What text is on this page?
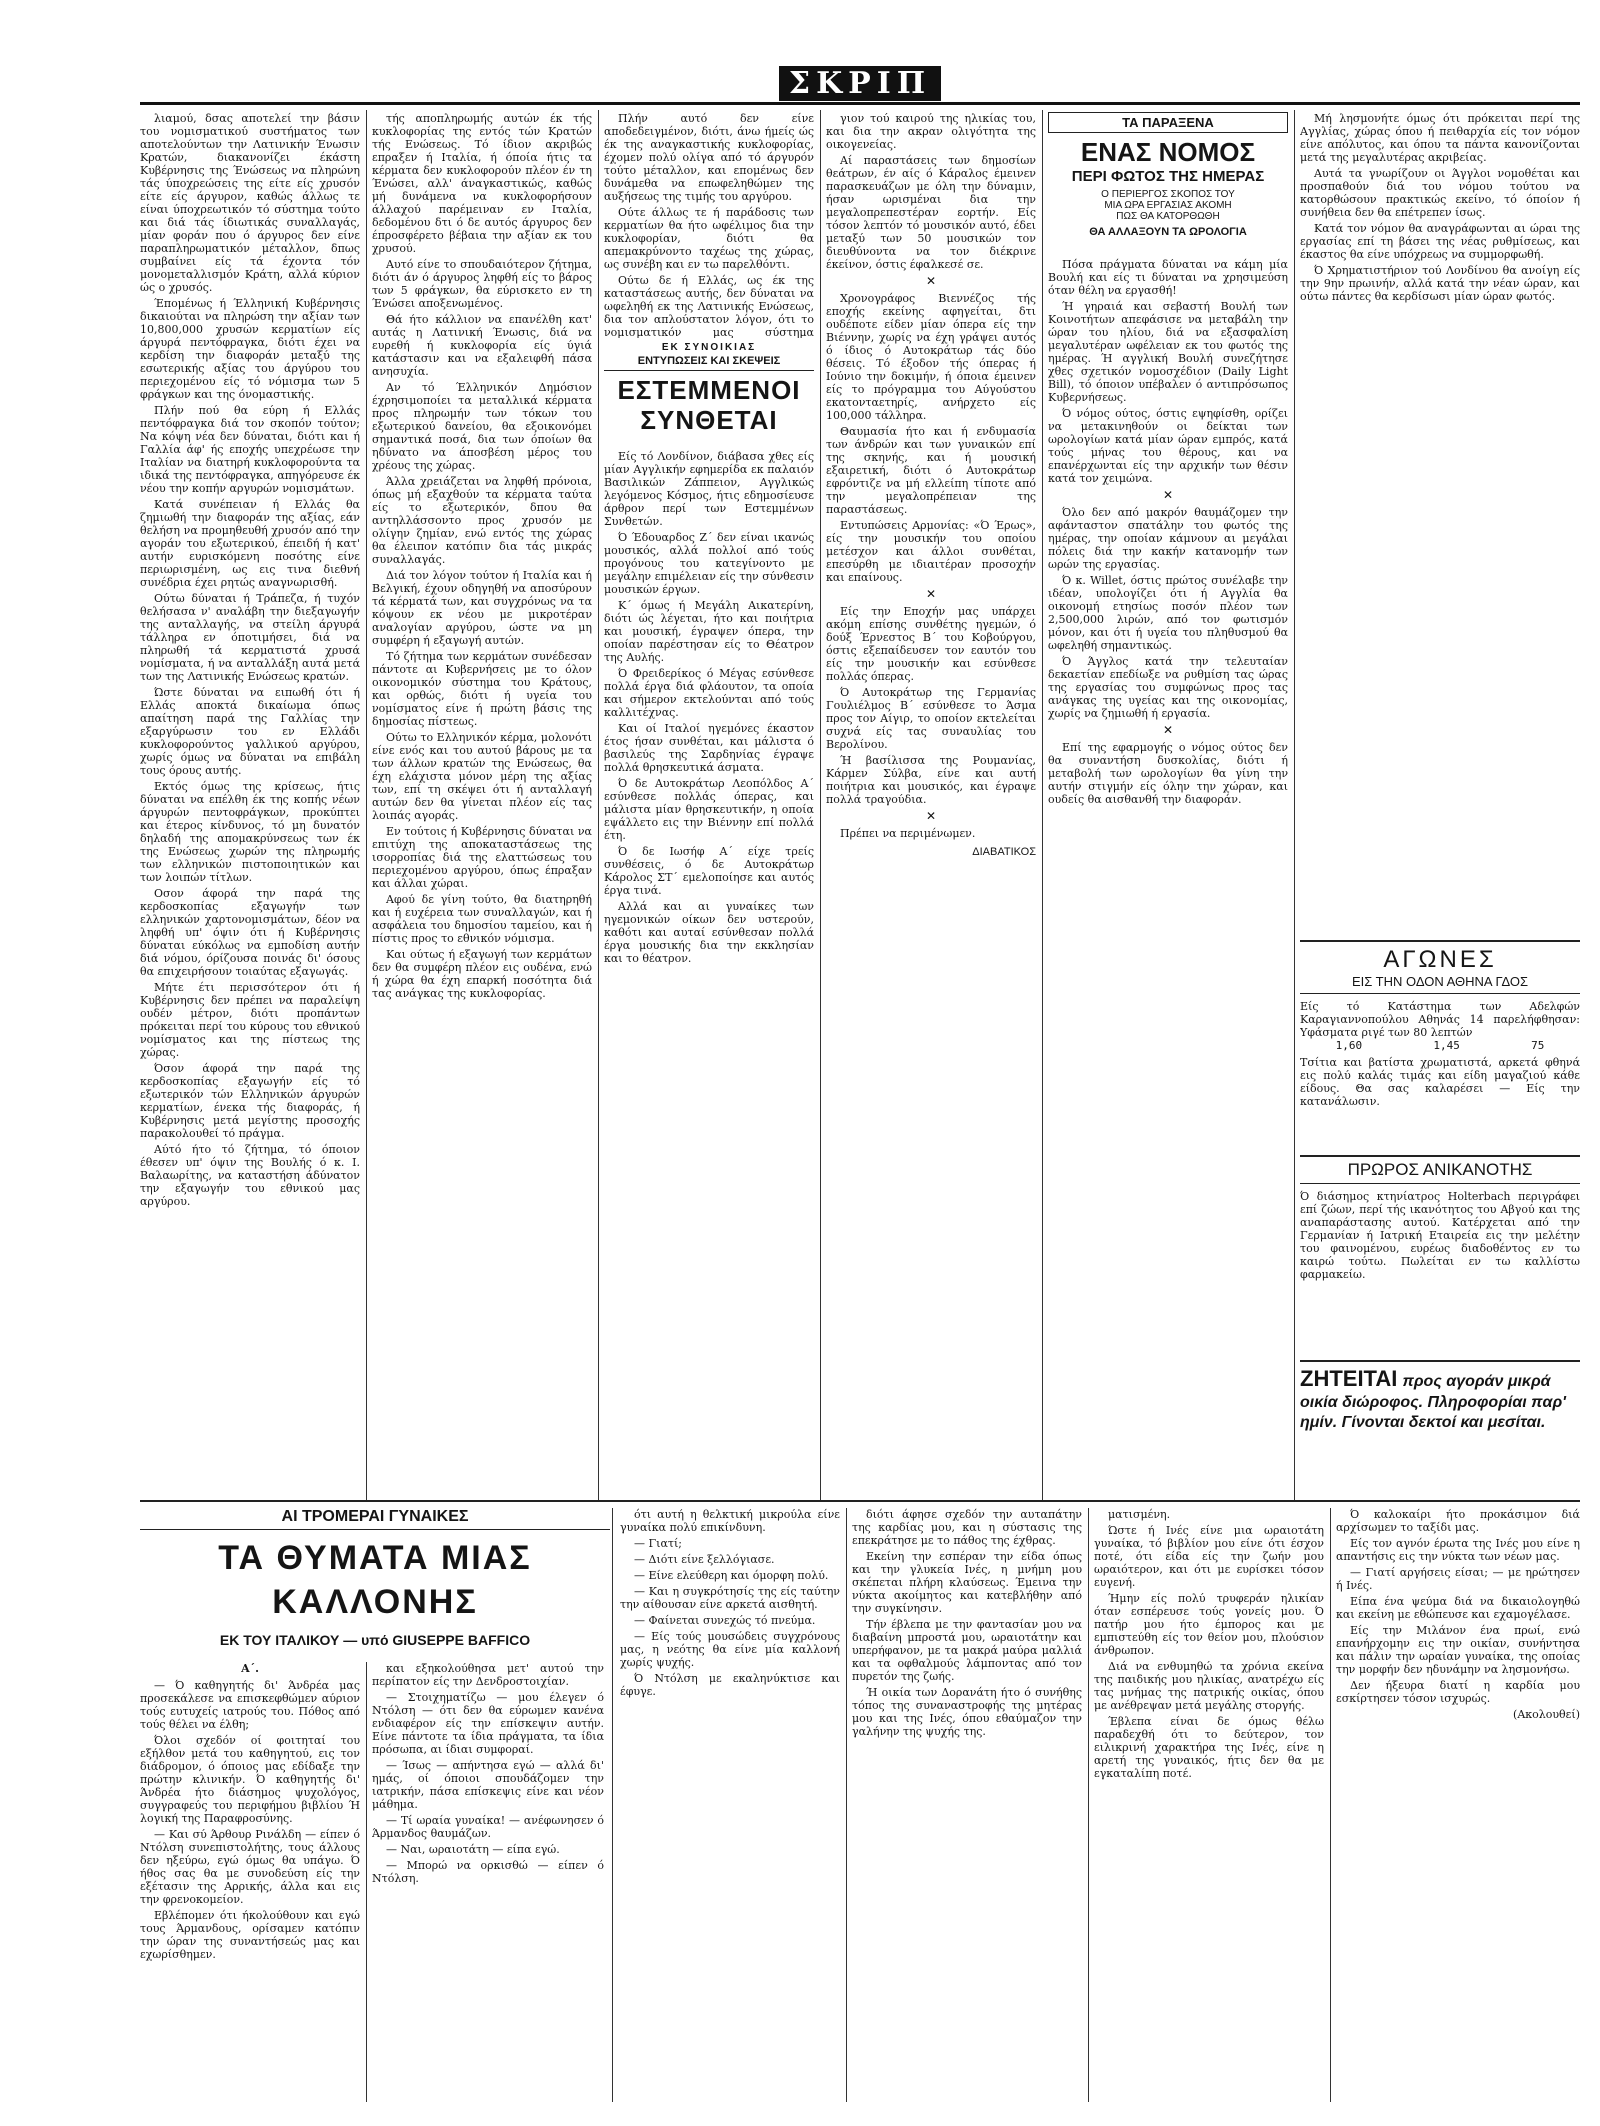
ΣΚΡΙΠ

λιαμού, δσας αποτελεί την βάσιν του νομισματικού συστήματος των αποτελούντων την Λατινικήν Ένωσιν Κρατών, διακανονίζει έκάστη Κυβέρνησις της Ένώσεως να πληρώνη τάς ύποχρεώσεις της είτε είς χρυσόν είτε είς άργυρον, καθώς άλλως τε είναι ύποχρεωτικόν τό σύστημα τούτο και διά τάς ίδιωτικάς συναλλαγάς, μίαν φοράν που ό άργυρος δεν είνε παραπληρωματικόν μέταλλον, δπως συμβαίνει είς τά έχοντα τόν μονομεταλλισμόν Κράτη, αλλά κύριον ώς ο χρυσός.

Έπομένως ή Έλληνική Κυβέρνησις δικαιούται να πληρώση την αξίαν των 10,800,000 χρυσών κερματίων είς άργυρά πεντόφραγκα, διότι έχει να κερδίση την διαφοράν μεταξύ της εσωτερικής αξίας του άργύρου του περιεχομένου είς τό νόμισμα των 5 φράγκων και της όνομαστικής.

Πλήν πού θα εύρη ή Ελλάς πεντόφραγκα διά τον σκοπόν τούτον; Να κόψη νέα δεν δύναται, διότι και ή Γαλλία άφ' ής εποχής υπεχρέωσε την Ιταλίαν να διατηρή κυκλοφορούντα τα ιδικά της πεντόφραγκα, απηγόρευσε έκ νέου την κοπήν αργυρών νομισμάτων.

Κατά συνέπειαν ή Ελλάς θα ζημιωθή την διαφοράν της αξίας, εάν θελήση να προμηθευθή χρυσόν από την αγοράν του εξωτερικού, έπειδή ή κατ' αυτήν ευρισκόμενη ποσότης είνε περιωρισμένη, ως εις τινα διεθνή συνέδρια έχει ρητώς αναγνωρισθή.

Ούτω δύναται ή Τράπεζα, ή τυχόν θελήσασα ν' αναλάβη την διεξαγωγήν της ανταλλαγής, να στείλη άργυρά τάλληρα εν όποτιμήσει, διά να πληρωθή τά κερματιστά χρυσά νομίσματα, ή να ανταλλάξη αυτά μετά των της Λατινικής Ενώσεως κρατών.

Ώστε δύναται να ειπωθή ότι ή Ελλάς αποκτά δικαίωμα όπως απαίτηση παρά της Γαλλίας την εξαργύρωσιν του εν Ελλάδι κυκλοφορούντος γαλλικού αργύρου, χωρίς όμως να δύναται να επιβάλη τους όρους αυτής.

Εκτός όμως της κρίσεως, ήτις δύναται να επέλθη έκ της κοπής νέων άργυρών πεντοφράγκων, προκύπτει και έτερος κίνδυνος, τό μη δυνατόν δηλαδή της απομακρύνσεως των έκ της Ενώσεως χωρών της πληρωμής των ελληνικών πιστοποιητικών και των λοιπών τίτλων.

Οσον άφορά την παρά της κερδοσκοπίας εξαγωγήν των ελληνικών χαρτονομισμάτων, δέον να ληφθή υπ' όψιν ότι ή Κυβέρνησις δύναται εύκόλως να εμποδίση αυτήν διά νόμου, όρίζουσα ποινάς δι' όσους θα επιχειρήσουν τοιαύτας εξαγωγάς.

Μήτε έτι περισσότερον ότι ή Κυβέρνησις δεν πρέπει να παραλείψη ουδέν μέτρον, διότι προπάντων πρόκειται περί του κύρους του εθνικού νομίσματος και της πίστεως της χώρας.

Όσον άφορά την παρά της κερδοσκοπίας εξαγωγήν είς τό εξωτερικόν τών Ελληνικών άργυρών κερματίων, ένεκα τής διαφοράς, ή Κυβέρνησις μετά μεγίστης προσοχής παρακολουθεί τό πράγμα.

Αύτό ήτο τό ζήτημα, τό όποιον έθεσεν υπ' όψιν της Βουλής ό κ. Ι. Βαλαωρίτης, να καταστήση άδύνατον την εξαγωγήν του εθνικού μας αργύρου.

τής αποπληρωμής αυτών έκ τής κυκλοφορίας της εντός τών Κρατών τής Ενώσεως. Τό ίδιον ακριβώς επραξεν ή Ιταλία, ή όποία ήτις τα κέρματα δεν κυκλοφορούν πλέον έν τη Ένώσει, αλλ' άναγκαστικώς, καθώς μή δυνάμενα να κυκλοφορήσουν άλλαχού παρέμειναν εν Ιταλία, δεδομένου δτι ό δε αυτός άργυρος δεν έπροσφέρετο βέβαια την αξίαν εκ του χρυσού.

Αυτό είνε το σπουδαιότερον ζήτημα, διότι άν ό άργυρος ληφθή είς το βάρος των 5 φράγκων, θα εύρισκετο εν τη Ένώσει αποξενωμένος.

Θά ήτο κάλλιον να επανέλθη κατ' αυτάς η Λατινική Ένωσις, διά να ευρεθή ή κυκλοφορία είς ύγιά κατάστασιν και να εξαλειφθή πάσα ανησυχία.

Αν τό Έλληνικόν Δημόσιον έχρησιμοποίει τα μεταλλικά κέρματα προς πληρωμήν των τόκων του εξωτερικού δανείου, θα εξοικονόμει σημαντικά ποσά, δια των όποίων θα ηδύνατο να άποσβέση μέρος του χρέους της χώρας.

Άλλα χρειάζεται να ληφθή πρόνοια, όπως μή εξαχθούν τα κέρματα ταύτα είς το εξωτερικόν, δπου θα αντηλλάσσοντο προς χρυσόν με ολίγην ζημίαν, ενώ εντός της χώρας θα έλειπον κατόπιν δια τάς μικράς συναλλαγάς.

Διά τον λόγον τούτον ή Ιταλία και ή Βελγική, έχουν οδηγηθή να αποσύρουν τά κέρματά των, και συγχρόνως να τα κόψουν εκ νέου με μικροτέραν αναλογίαν αργύρου, ώστε να μη συμφέρη ή εξαγωγή αυτών.

Τό ζήτημα των κερμάτων συνέδεσαν πάντοτε αι Κυβερνήσεις με το όλον οικονομικόν σύστημα του Κράτους, και ορθώς, διότι ή υγεία του νομίσματος είνε ή πρώτη βάσις της δημοσίας πίστεως.

Ούτω το Ελληνικόν κέρμα, μολονότι είνε ενός και του αυτού βάρους με τα των άλλων κρατών της Ενώσεως, θα έχη ελάχιστα μόνον μέρη της αξίας των, επί τη σκέψει ότι ή ανταλλαγή αυτών δεν θα γίνεται πλέον είς τας λοιπάς αγοράς.

Εν τούτοις ή Κυβέρνησις δύναται να επιτύχη της αποκαταστάσεως της ισορροπίας διά της ελαττώσεως του περιεχομένου αργύρου, όπως έπραξαν και άλλαι χώραι.

Αφού δε γίνη τούτο, θα διατηρηθή και ή ευχέρεια των συναλλαγών, και ή ασφάλεια του δημοσίου ταμείου, και ή πίστις προς το εθνικόν νόμισμα.

Και ούτως ή εξαγωγή των κερμάτων δεν θα συμφέρη πλέον εις ουδένα, ενώ ή χώρα θα έχη επαρκή ποσότητα διά τας ανάγκας της κυκλοφορίας.

Πλήν αυτό δεν είνε αποδεδειγμένον, διότι, άνω ήμείς ώς έκ της αναγκαστικής κυκλοφορίας, έχομεν πολύ ολίγα από τό άργυρόν τούτο μέταλλον, και επομένως δεν δυνάμεθα να επωφεληθώμεν της αυξήσεως της τιμής του αργύρου.

Ούτε άλλως τε ή παράδοσις των κερματίων θα ήτο ωφέλιμος δια την κυκλοφορίαν, διότι θα απεμακρύνοντο ταχέως της χώρας, ως συνέβη και εν τω παρελθόντι.

Ούτω δε ή Ελλάς, ως έκ της καταστάσεως αυτής, δεν δύναται να ωφεληθή εκ της Λατινικής Ενώσεως, δια τον απλούστατον λόγον, ότι το νομισματικόν μας σύστημα

ΕΚ ΣΥΝΟΙΚΙΑΣ
ΕΝΤΥΠΩΣΕΙΣ ΚΑΙ ΣΚΕΨΕΙΣ
ΕΣΤΕΜΜΕΝΟΙ ΣΥΝΘΕΤΑΙ

Είς τό Λονδίνον, διάβασα χθες είς μίαν Αγγλικήν εφημερίδα εκ παλαιόν Βασιλικών Ζάππειον, Αγγλικώς λεγόμενος Κόσμος, ήτις εδημοσίευσε άρθρον περί των Εστεμμένων Συνθετών.

Ό Έδουαρδος Ζ΄ δεν είναι ικανώς μουσικός, αλλά πολλοί από τούς προγόνους του κατεγίνοντο με μεγάλην επιμέλειαν είς την σύνθεσιν μουσικών έργων.

Κ΄ όμως ή Μεγάλη Αικατερίνη, διότι ώς λέγεται, ήτο και ποιήτρια και μουσική, έγραψεν όπερα, την οποίαν παρέστησαν είς το Θέατρον της Αυλής.

Ό Φρειδερίκος ό Μέγας εσύνθεσε πολλά έργα διά φλάουτον, τα οποία και σήμερον εκτελούνται από τούς καλλιτέχνας.

Και οί Ιταλοί ηγεμόνες έκαστον έτος ήσαν συνθέται, και μάλιστα ό βασιλεύς της Σαρδηνίας έγραψε πολλά θρησκευτικά άσματα.

Ό δε Αυτοκράτωρ Λεοπόλδος Α΄ εσύνθεσε πολλάς όπερας, και μάλιστα μίαν θρησκευτικήν, η οποία εψάλλετο εις την Βιέννην επί πολλά έτη.

Ό δε Ιωσήφ Α΄ είχε τρείς συνθέσεις, ό δε Αυτοκράτωρ Κάρολος ΣΤ΄ εμελοποίησε και αυτός έργα τινά.

Αλλά και αι γυναίκες των ηγεμονικών οίκων δεν υστερούν, καθότι και αυταί εσύνθεσαν πολλά έργα μουσικής δια την εκκλησίαν και το θέατρον.

γιον τού καιρού της ηλικίας του, και δια την ακραν ολιγότητα της οικογενείας.

Αί παραστάσεις των δημοσίων θεάτρων, έν αίς ό Κάραλος έμεινεν παρασκευάζων με όλη την δύναμιν, ήσαν ωρισμέναι δια την μεγαλοπρεπεστέραν εορτήν. Είς τόσον λεπτόν τό μουσικόν αυτό, έδει μεταξύ των 50 μουσικών τον διευθύνοντα να τον διέκρινε έκείνον, όστις έφαλκεσέ σε.

✕

Χρονογράφος Βιεννέζος τής εποχής εκείνης αφηγείται, δτι ουδέποτε είδεν μίαν όπερα είς την Βιέννην, χωρίς να έχη γράψει αυτός ό ίδιος ό Αυτοκράτωρ τάς δύο θέσεις. Τό έξοδον τής όπερας ή Ιούνιο την δοκιμήν, ή όποια έμεινεν είς το πρόγραμμα του Αύγούστου εκατονταετηρίς, ανήρχετο είς 100,000 τάλληρα.

Θαυμασία ήτο και ή ενδυμασία των άνδρών και των γυναικών επί της σκηνής, και ή μουσική εξαιρετική, διότι ό Αυτοκράτωρ εφρόντιζε να μή ελλείπη τίποτε από την μεγαλοπρέπειαν της παραστάσεως.

Εντυπώσεις Αρμονίας: «Ό Έρως», είς την μουσικήν του οποίου μετέσχον και άλλοι συνθέται, επεσύρθη με ιδιαιτέραν προσοχήν και επαίνους.

✕

Είς την Εποχήν μας υπάρχει ακόμη επίσης συνθέτης ηγεμών, ό δούξ Έρνεστος Β΄ του Κοβούργου, όστις εξεπαίδευσεν τον εαυτόν του είς την μουσικήν και εσύνθεσε πολλάς όπερας.

Ό Αυτοκράτωρ της Γερμανίας Γουλιέλμος Β΄ εσύνθεσε το Άσμα προς τον Αίγιρ, το οποίον εκτελείται συχνά είς τας συναυλίας του Βερολίνου.

Ή βασίλισσα της Ρουμανίας, Κάρμεν Σύλβα, είνε και αυτή ποιήτρια και μουσικός, και έγραψε πολλά τραγούδια.

✕

Πρέπει να περιμένωμεν.

ΔΙΑΒΑΤΙΚΟΣ
ΤΑ ΠΑΡΑΞΕΝΑ
ΕΝΑΣ ΝΟΜΟΣ
ΠΕΡΙ ΦΩΤΟΣ ΤΗΣ ΗΜΕΡΑΣ
Ο ΠΕΡΙΕΡΓΟΣ ΣΚΟΠΟΣ ΤΟΥ
ΜΙΑ ΩΡΑ ΕΡΓΑΣΙΑΣ ΑΚΟΜΗ
ΠΩΣ ΘΑ ΚΑΤΟΡΘΩΘΗ
ΘΑ ΑΛΛΑΞΟΥΝ ΤΑ ΩΡΟΛΟΓΙΑ

Πόσα πράγματα δύναται να κάμη μία Βουλή και είς τι δύναται να χρησιμεύση όταν θέλη να εργασθή!

Ή γηραιά και σεβαστή Βουλή των Κοινοτήτων απεφάσισε να μεταβάλη την ώραν του ηλίου, διά να εξασφαλίση μεγαλυτέραν ωφέλειαν εκ του φωτός της ημέρας. Ή αγγλική Βουλή συνεζήτησε χθες σχετικόν νομοσχέδιον (Daily Light Bill), τό όποιον υπέβαλεν ό αντιπρόσωπος Κυβερνήσεως.

Ό νόμος ούτος, όστις εψηφίσθη, ορίζει να μετακινηθούν οι δείκται των ωρολογίων κατά μίαν ώραν εμπρός, κατά τούς μήνας του θέρους, και να επανέρχωνται είς την αρχικήν των θέσιν κατά τον χειμώνα.

✕

Όλο δεν από μακρόν θαυμάζομεν την αφάνταστον σπατάλην του φωτός της ημέρας, την οποίαν κάμνουν αι μεγάλαι πόλεις διά την κακήν κατανομήν των ωρών της εργασίας.

Ό κ. Willet, όστις πρώτος συνέλαβε την ιδέαν, υπολογίζει ότι ή Αγγλία θα οικονομή ετησίως ποσόν πλέον των 2,500,000 λιρών, από τον φωτισμόν μόνον, και ότι ή υγεία του πληθυσμού θα ωφεληθή σημαντικώς.

Ό Άγγλος κατά την τελευταίαν δεκαετίαν επεδίωξε να ρυθμίση τας ώρας της εργασίας του συμφώνως προς τας ανάγκας της υγείας και της οικονομίας, χωρίς να ζημιωθή ή εργασία.

✕

Επί της εφαρμογής ο νόμος ούτος δεν θα συναντήση δυσκολίας, διότι ή μεταβολή των ωρολογίων θα γίνη την αυτήν στιγμήν είς όλην την χώραν, και ουδείς θα αισθανθή την διαφοράν.

Μή λησμονήτε όμως ότι πρόκειται περί της Αγγλίας, χώρας όπου ή πειθαρχία είς τον νόμον είνε απόλυτος, και όπου τα πάντα κανονίζονται μετά της μεγαλυτέρας ακριβείας.

Αυτά τα γνωρίζουν οι Άγγλοι νομοθέται και προσπαθούν διά του νόμου τούτου να κατορθώσουν πρακτικώς εκείνο, τό όποίον ή συνήθεια δεν θα επέτρεπεν ίσως.

Κατά τον νόμον θα αναγράφωνται αι ώραι της εργασίας επί τη βάσει της νέας ρυθμίσεως, και έκαστος θα είνε υπόχρεως να συμμορφωθή.

Ό Χρηματιστήριον τού Λονδίνου θα ανοίγη είς την 9ην πρωινήν, αλλά κατά την νέαν ώραν, και ούτω πάντες θα κερδίσωσι μίαν ώραν φωτός.

ΑΓΩΝΕΣ
ΕΙΣ ΤΗΝ ΟΔΟΝ ΑΘΗΝΑ ΓΔΟΣ
Είς τό Κατάστημα των Αδελφών Καραγιαννοπούλου Αθηνάς 14 παρελήφθησαν: Υφάσματα ριγέ των 80 λεπτών
1,60	1,45	75
Τσίτια και βατίστα χρωματιστά, αρκετά φθηνά εις πολύ καλάς τιμάς και είδη μαγαζιού κάθε είδους. Θα σας καλαρέσει — Είς την κατανάλωσιν.
ΠΡΩΡΟΣ ΑΝΙΚΑΝΟΤΗΣ
Ό διάσημος κτηνίατρος Holterbach περιγράφει επί ζώων, περί τής ικανότητος του Αβγού και της αναπαράστασης αυτού. Κατέρχεται από την Γερμανίαν ή Ιατρική Εταιρεία εις την μελέτην του φαινομένου, ευρέως διαδοθέντος εν τω καιρώ τούτω. Πωλείται εν τω καλλίστω φαρμακείω.
ΖΗΤΕΙΤΑΙ προς αγοράν μικρά οικία διώροφος. Πληροφορίαι παρ' ημίν. Γίνονται δεκτοί και μεσίται.
ΑΙ ΤΡΟΜΕΡΑΙ ΓΥΝΑΙΚΕΣ
ΤΑ ΘΥΜΑΤΑ ΜΙΑΣ ΚΑΛΛΟΝΗΣ
ΕΚ ΤΟΥ ΙΤΑΛΙΚΟΥ — υπό GIUSEPPE BAFFICO
Α΄.

— Ό καθηγητής δι' Άνδρέα μας προσεκάλεσε να επισκεφθώμεν αύριον τούς ευτυχείς ιατρούς του. Πόθος από τούς θέλει να έλθη;

Όλοι σχεδόν οί φοιτηταί του εξήλθον μετά του καθηγητού, εις τον διάδρομον, ό όποιος μας εδίδαξε την πρώτην κλινικήν. Ό καθηγητής δι' Άνδρέα ήτο διάσημος ψυχολόγος, συγγραφεύς του περιφήμου βιβλίου Ή λογική της Παραφροσύνης.

— Και σύ Άρθουρ Ρινάλδη — είπεν ό Ντόλση συνεπιστολήτης, τους άλλους δεν ηξεύρω, εγώ όμως θα υπάγω. Ό ήθος σας θα με συνοδεύση είς την εξέτασιν της Αρρικής, άλλα και εις την φρενοκομείον.

Εβλέπομεν ότι ήκολούθουν και εγώ τους Άρμανδους, ορίσαμεν κατόπιν την ώραν της συναντήσεώς μας και εχωρίσθημεν.

και εξηκολούθησα μετ' αυτού την περίπατον είς την Δενδροστοιχίαν.

— Στοιχηματίζω — μου έλεγεν ό Ντόλση — ότι δεν θα εύρωμεν κανένα ενδιαφέρον είς την επίσκεψιν αυτήν. Είνε πάντοτε τα ίδια πράγματα, τα ίδια πρόσωπα, αι ίδιαι συμφοραί.

— Ίσως — απήντησα εγώ — αλλά δι' ημάς, οί όποιοι σπουδάζομεν την ιατρικήν, πάσα επίσκεψις είνε και νέον μάθημα.

— Τί ωραία γυναίκα! — ανέφωνησεν ό Άρμανδος θαυμάζων.

— Ναι, ωραιοτάτη — είπα εγώ.

— Μπορώ να ορκισθώ — είπεν ό Ντόλση.

ότι αυτή η θελκτική μικρούλα είνε γυναίκα πολύ επικίνδυνη.

— Γιατί;

— Διότι είνε ξελλόγιασε.

— Είνε ελεύθερη και όμορφη πολύ.

— Και η συγκρότησίς της είς ταύτην την αίθουσαν είνε αρκετά αισθητή.

— Φαίνεται συνεχώς τό πνεύμα.

— Είς τούς μουσώδεις συγχρόνους μας, η νεότης θα είνε μία καλλονή χωρίς ψυχής.

Ό Ντόλση με εκαληνύκτισε και έφυγε.

διότι άφησε σχεδόν την αυταπάτην της καρδίας μου, και η σύστασις της επεκράτησε με το πάθος της έχθρας.

Εκείνη την εσπέραν την είδα όπως και την γλυκεία Ινές, η μνήμη μου σκέπεται πλήρη κλαύσεως. Έμεινα την νύκτα ακοίμητος και κατεβλήθην από την συγκίνησιν.

Τήν έβλεπα με την φαντασίαν μου να διαβαίνη μπροστά μου, ωραιοτάτην και υπερήφανον, με τα μακρά μαύρα μαλλιά και τα οφθαλμούς λάμποντας από τον πυρετόν της ζωής.

Ή οικία των Δορανάτη ήτο ό συνήθης τόπος της συναναστροφής της μητέρας μου και της Ινές, όπου εθαύμαζον την γαλήνην της ψυχής της.

ματισμένη.

Ώστε ή Ινές είνε μια ωραιοτάτη γυναίκα, τό βιβλίον μου είνε ότι έσχον ποτέ, ότι είδα είς την ζωήν μου ωραιότερον, και ότι με ευρίσκει τόσον ευγενή.

Ήμην είς πολύ τρυφεράν ηλικίαν όταν εσπέρευσε τούς γονείς μου. Ό πατήρ μου ήτο έμπορος και με εμπιστεύθη είς τον θείον μου, πλούσιον άνθρωπον.

Διά να ενθυμηθώ τα χρόνια εκείνα της παιδικής μου ηλικίας, ανατρέχω είς τας μνήμας της πατρικής οικίας, όπου με ανέθρεψαν μετά μεγάλης στοργής.

Έβλεπα είναι δε όμως θέλω παραδεχθή ότι το δεύτερον, τον ειλικρινή χαρακτήρα της Ινές, είνε η αρετή της γυναικός, ήτις δεν θα με εγκαταλίπη ποτέ.

Ό καλοκαίρι ήτο προκάσιμον διά αρχίσωμεν το ταξίδι μας.

Είς τον αγνόν έρωτα της Ινές μου είνε η απαντήσις εις την νύκτα των νέων μας.

— Γιατί αργήσεις είσαι; — με ηρώτησεν ή Ινές.

Είπα ένα ψεύμα διά να δικαιολογηθώ και εκείνη με εθώπευσε και εχαμογέλασε.

Είς την Μιλάνον ένα πρωί, ενώ επανήρχομην εις την οικίαν, συνήντησα και πάλιν την ωραίαν γυναίκα, της οποίας την μορφήν δεν ηδυνάμην να λησμονήσω.

Δεν ήξευρα διατί η καρδία μου εσκίρτησεν τόσον ισχυρώς.

(Ακολουθεί)
